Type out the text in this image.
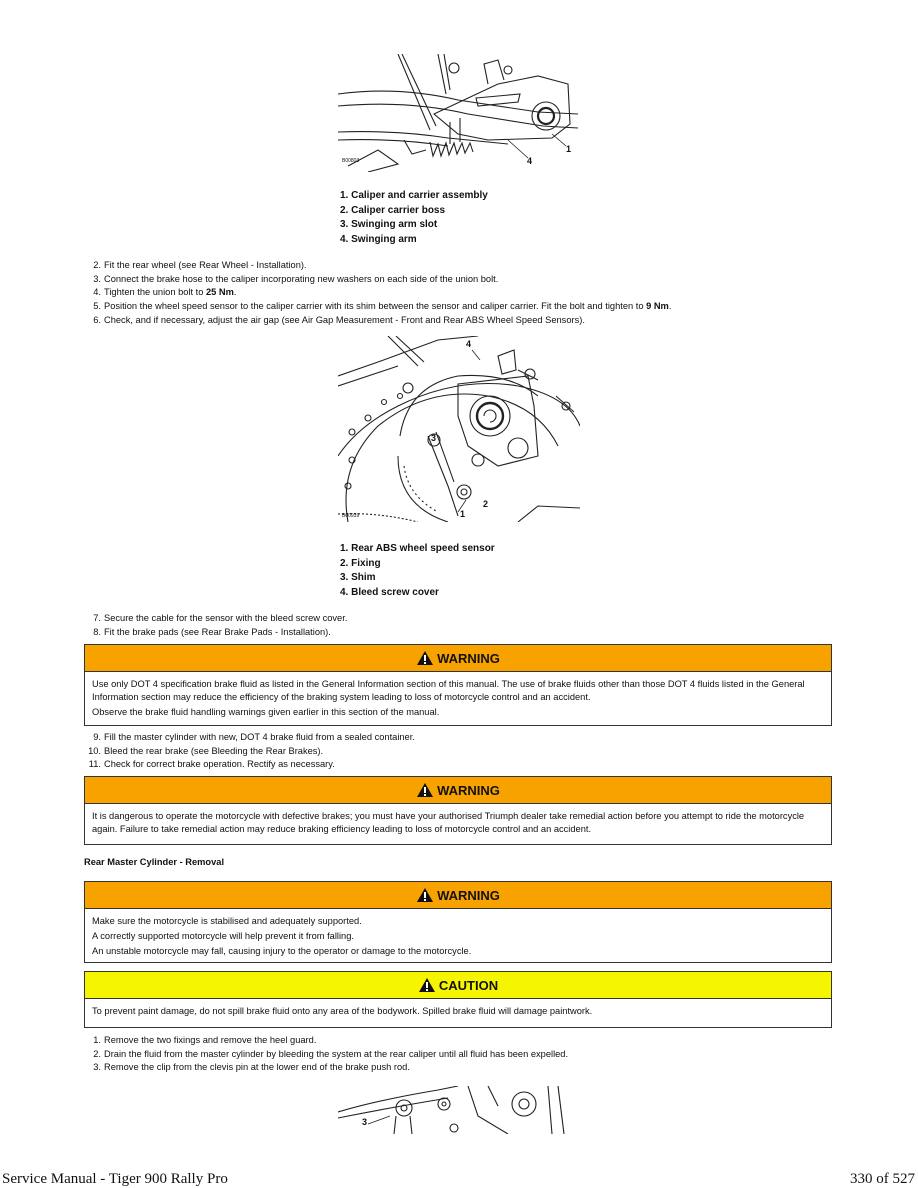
1
4
B00803
1. Caliper and carrier assembly
2. Caliper carrier boss
3. Swinging arm slot
4. Swinging arm
2. Fit the rear wheel (see Rear Wheel - Installation).
3. Connect the brake hose to the caliper incorporating new washers on each side of the union bolt.
4. Tighten the union bolt to 25 Nm.
5. Position the wheel speed sensor to the caliper carrier with its shim between the sensor and caliper carrier. Fit the bolt and tighten to 9 Nm.
6. Check, and if necessary, adjust the air gap (see Air Gap Measurement - Front and Rear ABS Wheel Speed Sensors).
4
3
2
1
B00939
1. Rear ABS wheel speed sensor
2. Fixing
3. Shim
4. Bleed screw cover
7. Secure the cable for the sensor with the bleed screw cover.
8. Fit the brake pads (see Rear Brake Pads - Installation).
WARNING

Use only DOT 4 specification brake fluid as listed in the General Information section of this manual. The use of brake fluids other than those DOT 4 fluids listed in the General Information section may reduce the efficiency of the braking system leading to loss of motorcycle control and an accident.

Observe the brake fluid handling warnings given earlier in this section of the manual.

9. Fill the master cylinder with new, DOT 4 brake fluid from a sealed container.
10. Bleed the rear brake (see Bleeding the Rear Brakes).
11. Check for correct brake operation. Rectify as necessary.
WARNING

It is dangerous to operate the motorcycle with defective brakes; you must have your authorised Triumph dealer take remedial action before you attempt to ride the motorcycle again. Failure to take remedial action may reduce braking efficiency leading to loss of motorcycle control and an accident.

Rear Master Cylinder - Removal
WARNING

Make sure the motorcycle is stabilised and adequately supported.

A correctly supported motorcycle will help prevent it from falling.

An unstable motorcycle may fall, causing injury to the operator or damage to the motorcycle.

CAUTION

To prevent paint damage, do not spill brake fluid onto any area of the bodywork. Spilled brake fluid will damage paintwork.

1. Remove the two fixings and remove the heel guard.
2. Drain the fluid from the master cylinder by bleeding the system at the rear caliper until all fluid has been expelled.
3. Remove the clip from the clevis pin at the lower end of the brake push rod.
3
Service Manual - Tiger 900 Rally Pro	330 of 527
